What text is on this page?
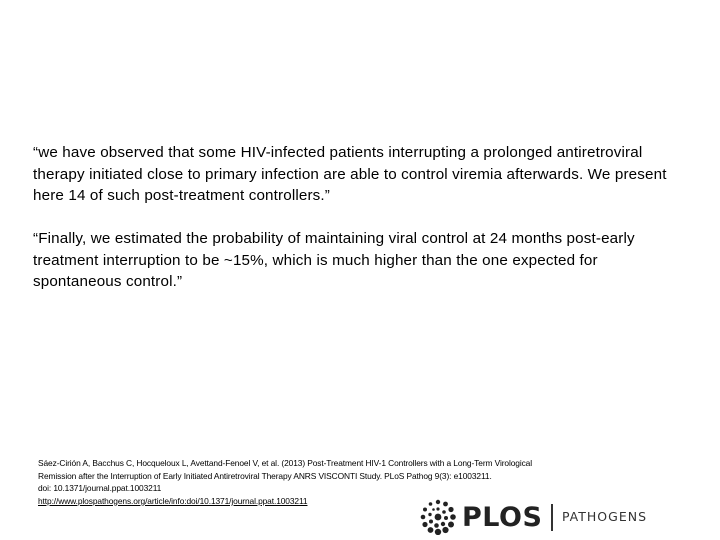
“we have observed that some HIV-infected patients interrupting a prolonged antiretroviral therapy initiated close to primary infection are able to control viremia afterwards. We present here 14 of such post-treatment controllers.”

“Finally, we estimated the probability of maintaining viral control at 24 months post-early treatment interruption to be ~15%, which is much higher than the one expected for spontaneous control.”

Sáez-Cirión A, Bacchus C, Hocqueloux L, Avettand-Fenoel V, et al. (2013) Post-Treatment HIV-1 Controllers with a Long-Term Virological
Remission after the Interruption of Early Initiated Antiretroviral Therapy ANRS VISCONTI Study. PLoS Pathog 9(3): e1003211.
doi: 10.1371/journal.ppat.1003211
http://www.plospathogens.org/article/info:doi/10.1371/journal.ppat.1003211
PLOS PATHOGENS
